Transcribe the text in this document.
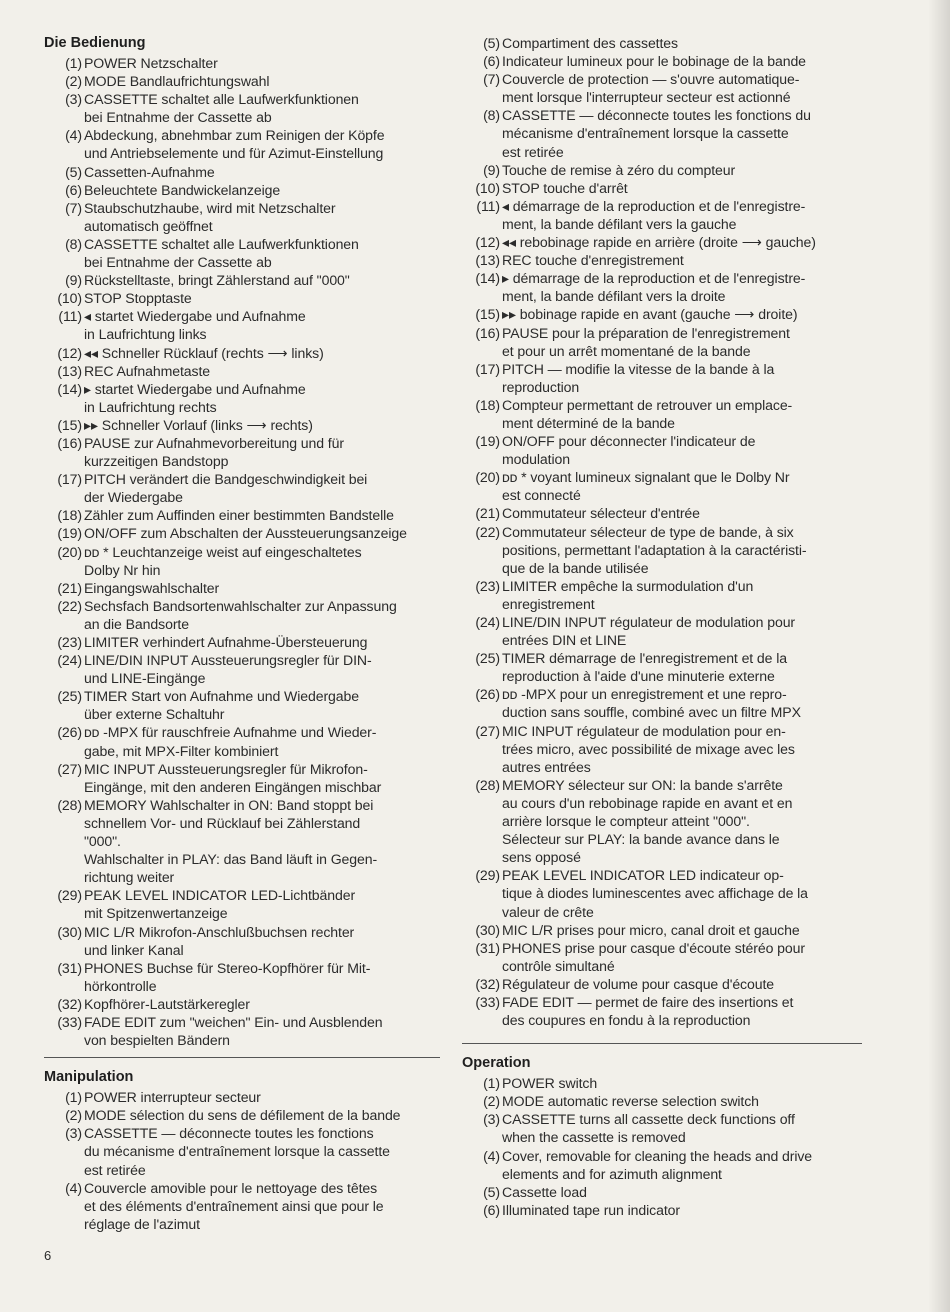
Die Bedienung
(1) POWER Netzschalter
(2) MODE Bandlaufrichtungswahl
(3) CASSETTE schaltet alle Laufwerkfunktionen
bei Entnahme der Cassette ab
(4) Abdeckung, abnehmbar zum Reinigen der Köpfe
und Antriebselemente und für Azimut-Einstellung
(5) Cassetten-Aufnahme
(6) Beleuchtete Bandwickelanzeige
(7) Staubschutzhaube, wird mit Netzschalter
automatisch geöffnet
(8) CASSETTE schaltet alle Laufwerkfunktionen
bei Entnahme der Cassette ab
(9) Rückstelltaste, bringt Zählerstand auf "000"
(10) STOP Stopptaste
(11) ◂ startet Wiedergabe und Aufnahme
in Laufrichtung links
(12) ◂◂ Schneller Rücklauf (rechts ⟶ links)
(13) REC Aufnahmetaste
(14) ▸ startet Wiedergabe und Aufnahme
in Laufrichtung rechts
(15) ▸▸ Schneller Vorlauf (links ⟶ rechts)
(16) PAUSE zur Aufnahmevorbereitung und für
kurzzeitigen Bandstopp
(17) PITCH verändert die Bandgeschwindigkeit bei
der Wiedergabe
(18) Zähler zum Auffinden einer bestimmten Bandstelle
(19) ON/OFF zum Abschalten der Aussteuerungsanzeige
(20) ᴅᴅ * Leuchtanzeige weist auf eingeschaltetes
Dolby Nr hin
(21) Eingangswahlschalter
(22) Sechsfach Bandsortenwahlschalter zur Anpassung
an die Bandsorte
(23) LIMITER verhindert Aufnahme-Übersteuerung
(24) LINE/DIN INPUT Aussteuerungsregler für DIN-
und LINE-Eingänge
(25) TIMER Start von Aufnahme und Wiedergabe
über externe Schaltuhr
(26) ᴅᴅ -MPX für rauschfreie Aufnahme und Wieder-
gabe, mit MPX-Filter kombiniert
(27) MIC INPUT Aussteuerungsregler für Mikrofon-
Eingänge, mit den anderen Eingängen mischbar
(28) MEMORY Wahlschalter in ON: Band stoppt bei
schnellem Vor- und Rücklauf bei Zählerstand
"000".
Wahlschalter in PLAY: das Band läuft in Gegen-
richtung weiter
(29) PEAK LEVEL INDICATOR LED-Lichtbänder
mit Spitzenwertanzeige
(30) MIC L/R Mikrofon-Anschlußbuchsen rechter
und linker Kanal
(31) PHONES Buchse für Stereo-Kopfhörer für Mit-
hörkontrolle
(32) Kopfhörer-Lautstärkeregler
(33) FADE EDIT zum "weichen" Ein- und Ausblenden
von bespielten Bändern
Manipulation
(1) POWER interrupteur secteur
(2) MODE sélection du sens de défilement de la bande
(3) CASSETTE — déconnecte toutes les fonctions
du mécanisme d'entraînement lorsque la cassette
est retirée
(4) Couvercle amovible pour le nettoyage des têtes
et des éléments d'entraînement ainsi que pour le
réglage de l'azimut
(5) Compartiment des cassettes
(6) Indicateur lumineux pour le bobinage de la bande
(7) Couvercle de protection — s'ouvre automatique-
ment lorsque l'interrupteur secteur est actionné
(8) CASSETTE — déconnecte toutes les fonctions du
mécanisme d'entraînement lorsque la cassette
est retirée
(9) Touche de remise à zéro du compteur
(10) STOP touche d'arrêt
(11) ◂ démarrage de la reproduction et de l'enregistre-
ment, la bande défilant vers la gauche
(12) ◂◂ rebobinage rapide en arrière (droite ⟶ gauche)
(13) REC touche d'enregistrement
(14) ▸ démarrage de la reproduction et de l'enregistre-
ment, la bande défilant vers la droite
(15) ▸▸ bobinage rapide en avant (gauche ⟶ droite)
(16) PAUSE pour la préparation de l'enregistrement
et pour un arrêt momentané de la bande
(17) PITCH — modifie la vitesse de la bande à la
reproduction
(18) Compteur permettant de retrouver un emplace-
ment déterminé de la bande
(19) ON/OFF pour déconnecter l'indicateur de
modulation
(20) ᴅᴅ * voyant lumineux signalant que le Dolby Nr
est connecté
(21) Commutateur sélecteur d'entrée
(22) Commutateur sélecteur de type de bande, à six
positions, permettant l'adaptation à la caractéristi-
que de la bande utilisée
(23) LIMITER empêche la surmodulation d'un
enregistrement
(24) LINE/DIN INPUT régulateur de modulation pour
entrées DIN et LINE
(25) TIMER démarrage de l'enregistrement et de la
reproduction à l'aide d'une minuterie externe
(26) ᴅᴅ -MPX pour un enregistrement et une repro-
duction sans souffle, combiné avec un filtre MPX
(27) MIC INPUT régulateur de modulation pour en-
trées micro, avec possibilité de mixage avec les
autres entrées
(28) MEMORY sélecteur sur ON: la bande s'arrête
au cours d'un rebobinage rapide en avant et en
arrière lorsque le compteur atteint "000".
Sélecteur sur PLAY: la bande avance dans le
sens opposé
(29) PEAK LEVEL INDICATOR LED indicateur op-
tique à diodes luminescentes avec affichage de la
valeur de crête
(30) MIC L/R prises pour micro, canal droit et gauche
(31) PHONES prise pour casque d'écoute stéréo pour
contrôle simultané
(32) Régulateur de volume pour casque d'écoute
(33) FADE EDIT — permet de faire des insertions et
des coupures en fondu à la reproduction
Operation
(1) POWER switch
(2) MODE automatic reverse selection switch
(3) CASSETTE turns all cassette deck functions off
when the cassette is removed
(4) Cover, removable for cleaning the heads and drive
elements and for azimuth alignment
(5) Cassette load
(6) Illuminated tape run indicator
6
